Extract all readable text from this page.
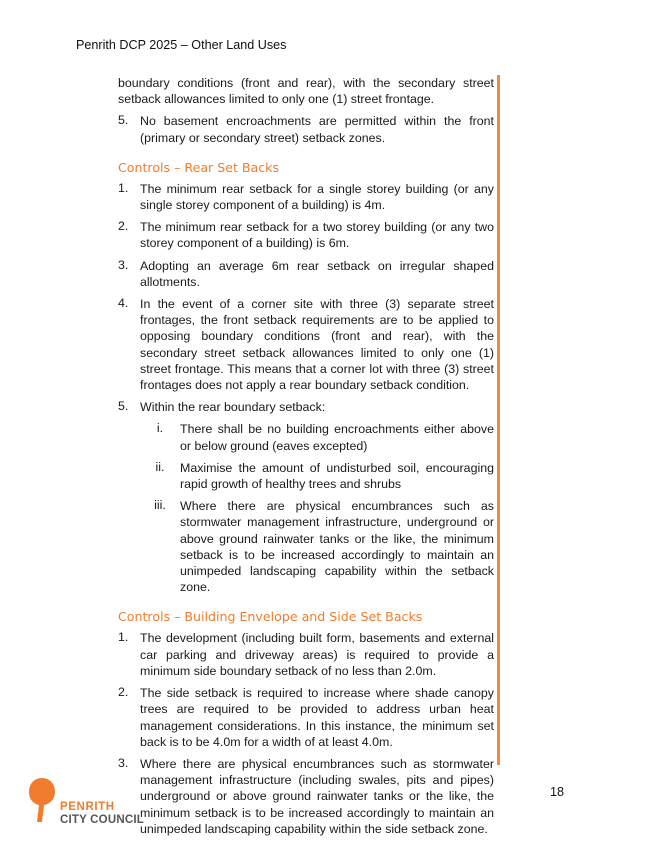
Penrith DCP 2025 – Other Land Uses

boundary conditions (front and rear), with the secondary street setback allowances limited to only one (1) street frontage.

5. No basement encroachments are permitted within the front (primary or secondary street) setback zones.
Controls – Rear Set Backs
1. The minimum rear setback for a single storey building (or any single storey component of a building) is 4m.
2. The minimum rear setback for a two storey building (or any two storey component of a building) is 6m.
3. Adopting an average 6m rear setback on irregular shaped allotments.
4. In the event of a corner site with three (3) separate street frontages, the front setback requirements are to be applied to opposing boundary conditions (front and rear), with the secondary street setback allowances limited to only one (1) street frontage. This means that a corner lot with three (3) street frontages does not apply a rear boundary setback condition.
5. Within the rear boundary setback:
i.	There shall be no building encroachments either above or below ground (eaves excepted)
ii.	Maximise the amount of undisturbed soil, encouraging rapid growth of healthy trees and shrubs
iii.	Where there are physical encumbrances such as stormwater management infrastructure, underground or above ground rainwater tanks or the like, the minimum setback is to be increased accordingly to maintain an unimpeded landscaping capability within the setback zone.
Controls – Building Envelope and Side Set Backs
1. The development (including built form, basements and external car parking and driveway areas) is required to provide a minimum side boundary setback of no less than 2.0m.
2. The side setback is required to increase where shade canopy trees are required to be provided to address urban heat management considerations. In this instance, the minimum set back is to be 4.0m for a width of at least 4.0m.
3. Where there are physical encumbrances such as stormwater management infrastructure (including swales, pits and pipes) underground or above ground rainwater tanks or the like, the minimum setback is to be increased accordingly to maintain an unimpeded landscaping capability within the side setback zone.
18
PENRITH
CITY COUNCIL
